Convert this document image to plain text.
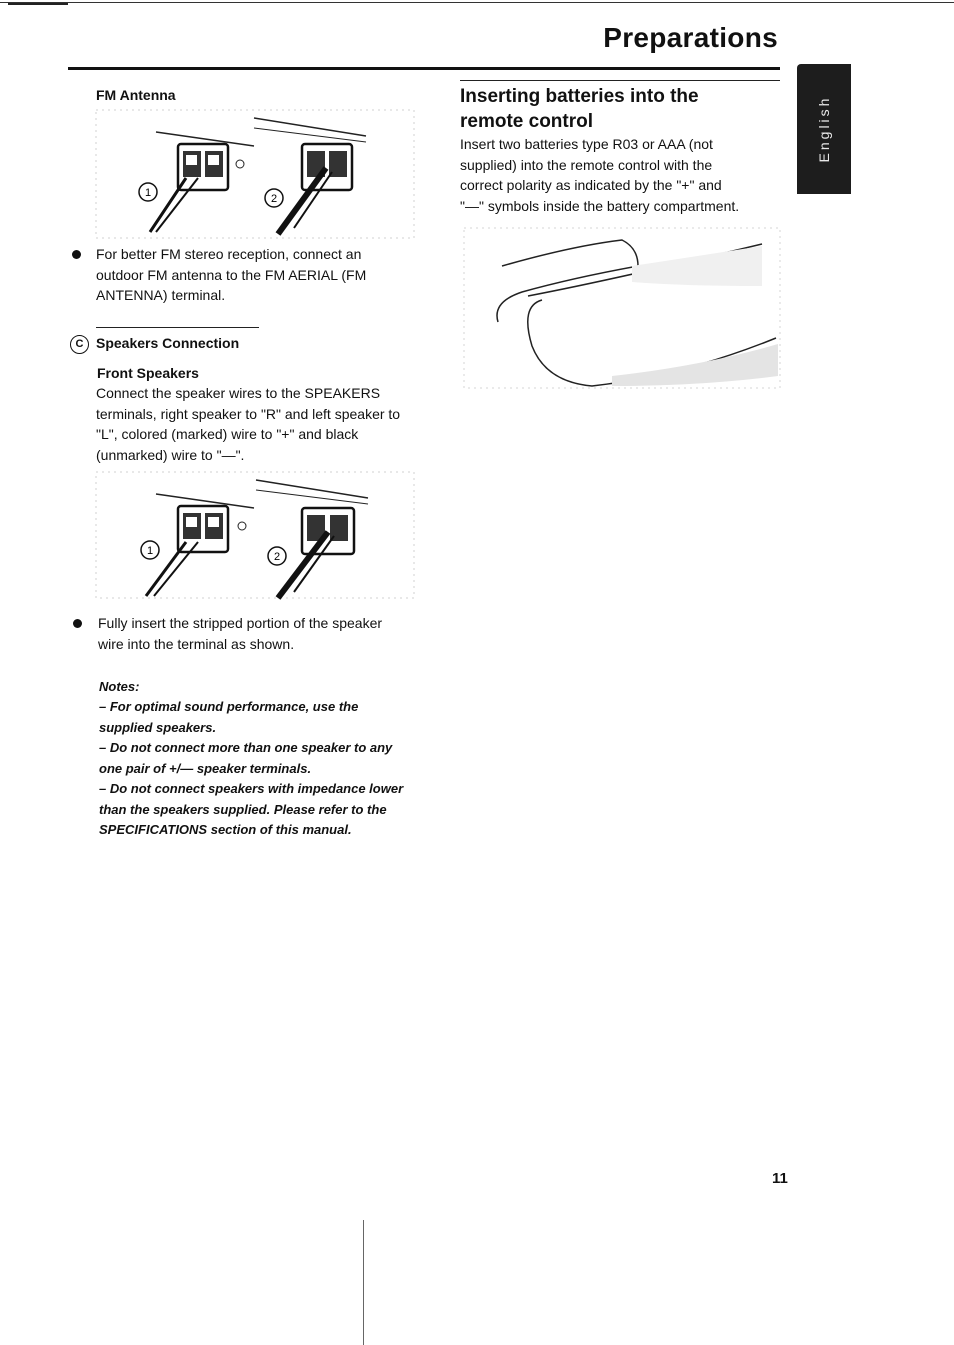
Preparations
English
FM Antenna
1	2
For better FM stereo reception, connect an
outdoor FM antenna to the FM AERIAL (FM
ANTENNA) terminal.
C Speakers Connection
Front Speakers
Connect the speaker wires to the SPEAKERS
terminals, right speaker to "R" and left speaker to
"L", colored (marked) wire to "+" and black
(unmarked) wire to "—".
1	2
Fully insert the stripped portion of the speaker
wire into the terminal as shown.
Notes:
– For optimal sound performance, use the
supplied speakers.
– Do not connect more than one speaker to any
one pair of +/— speaker terminals.
– Do not connect speakers with impedance lower
than the speakers supplied. Please refer to the
SPECIFICATIONS section of this manual.
Inserting batteries into the
remote control
Insert two batteries type R03 or AAA (not
supplied) into the remote control with the
correct polarity as indicated by the "+" and
"—" symbols inside the battery compartment.
11
